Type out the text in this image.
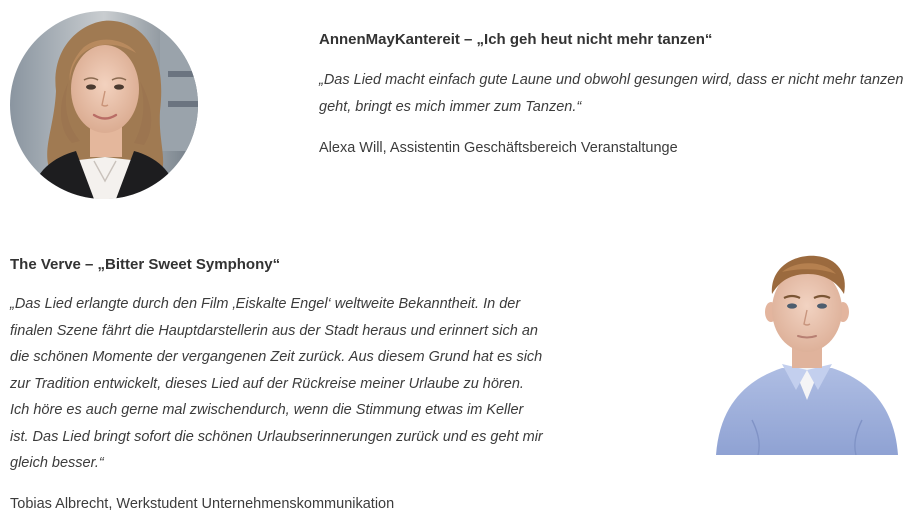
AnnenMayKantereit – „Ich geh heut nicht mehr tanzen“

„Das Lied macht einfach gute Laune und obwohl gesungen wird, dass er nicht mehr tanzen geht, bringt es mich immer zum Tanzen.“

Alexa Will, Assistentin Geschäftsbereich Veranstaltunge

The Verve – „Bitter Sweet Symphony“

„Das Lied erlangte durch den Film ‚Eiskalte Engel‘ weltweite Bekanntheit. In der finalen Szene fährt die Hauptdarstellerin aus der Stadt heraus und erinnert sich an die schönen Momente der vergangenen Zeit zurück. Aus diesem Grund hat es sich zur Tradition entwickelt, dieses Lied auf der Rückreise meiner Urlaube zu hören. Ich höre es auch gerne mal zwischendurch, wenn die Stimmung etwas im Keller ist. Das Lied bringt sofort die schönen Urlaubserinnerungen zurück und es geht mir gleich besser.“

Tobias Albrecht, Werkstudent Unternehmenskommunikation
